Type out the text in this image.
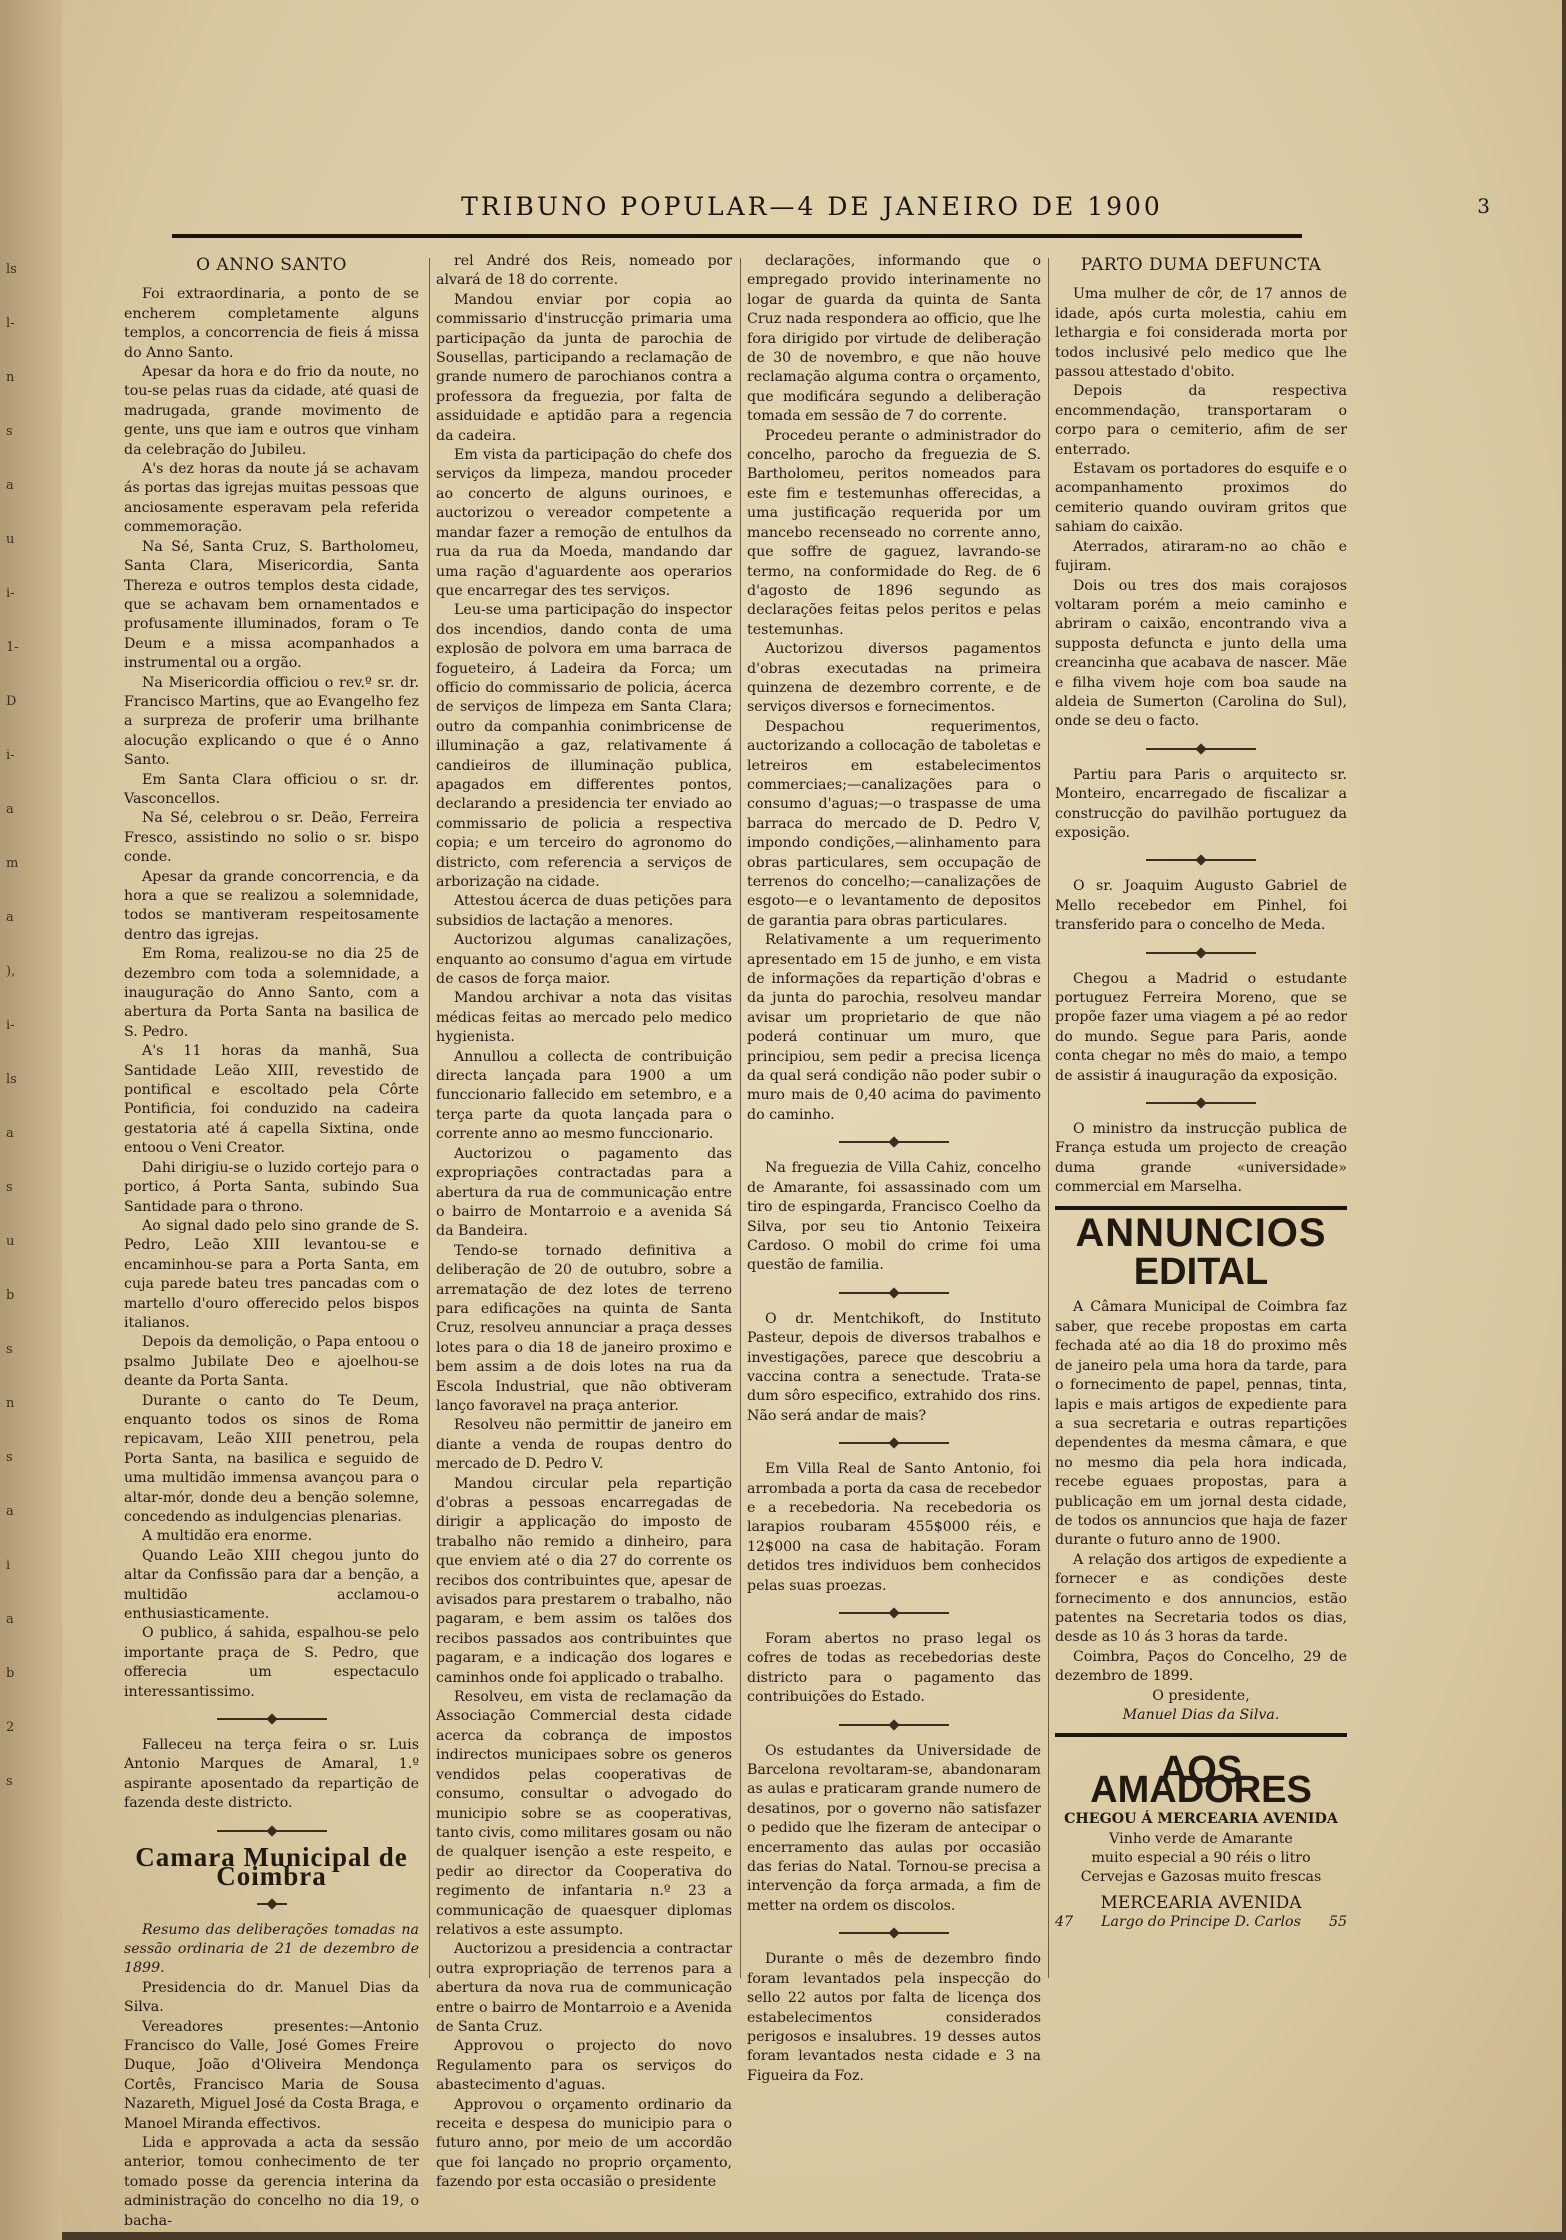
ls
l-
n
s
a
u
i-
1-
D
i-
a
m
a
),
i-
ls
a
s
u
b
s
n
s
a
i
a
b
2
s
TRIBUNO POPULAR—4 DE JANEIRO DE 1900	3

O ANNO SANTO

Foi extraordinaria, a ponto de se encherem completamente alguns templos, a concorrencia de fieis á missa do Anno Santo.

Apesar da hora e do frio da noute, no tou-se pelas ruas da cidade, até quasi de madrugada, grande movimento de gente, uns que iam e outros que vinham da celebração do Jubileu.

A's dez horas da noute já se achavam ás portas das igrejas muitas pessoas que anciosamente esperavam pela referida commemoração.

Na Sé, Santa Cruz, S. Bartholomeu, Santa Clara, Misericordia, Santa Thereza e outros templos desta cidade, que se achavam bem ornamentados e profusamente illuminados, foram o Te Deum e a missa acompanhados a instrumental ou a orgão.

Na Misericordia officiou o rev.º sr. dr. Francisco Martins, que ao Evangelho fez a surpreza de proferir uma brilhante alocução explicando o que é o Anno Santo.

Em Santa Clara officiou o sr. dr. Vasconcellos.

Na Sé, celebrou o sr. Deão, Ferreira Fresco, assistindo no solio o sr. bispo conde.

Apesar da grande concorrencia, e da hora a que se realizou a solemnidade, todos se mantiveram respeitosamente dentro das igrejas.

Em Roma, realizou-se no dia 25 de dezembro com toda a solemnidade, a inauguração do Anno Santo, com a abertura da Porta Santa na basilica de S. Pedro.

A's 11 horas da manhã, Sua Santidade Leão XIII, revestido de pontifical e escoltado pela Côrte Pontificia, foi conduzido na cadeira gestatoria até á capella Sixtina, onde entoou o Veni Creator.

Dahi dirigiu-se o luzido cortejo para o portico, á Porta Santa, subindo Sua Santidade para o throno.

Ao signal dado pelo sino grande de S. Pedro, Leão XIII levantou-se e encaminhou-se para a Porta Santa, em cuja parede bateu tres pancadas com o martello d'ouro offerecido pelos bispos italianos.

Depois da demolição, o Papa entoou o psalmo Jubilate Deo e ajoelhou-se deante da Porta Santa.

Durante o canto do Te Deum, enquanto todos os sinos de Roma repicavam, Leão XIII penetrou, pela Porta Santa, na basilica e seguido de uma multidão immensa avançou para o altar-mór, donde deu a benção solemne, concedendo as indulgencias plenarias.

A multidão era enorme.

Quando Leão XIII chegou junto do altar da Confissão para dar a benção, a multidão acclamou-o enthusiasticamente.

O publico, á sahida, espalhou-se pelo importante praça de S. Pedro, que offerecia um espectaculo interessantissimo.

Falleceu na terça feira o sr. Luis Antonio Marques de Amaral, 1.º aspirante aposentado da repartição de fazenda deste districto.

Camara Municipal de Coimbra

Resumo das deliberações tomadas na sessão ordinaria de 21 de dezembro de 1899.

Presidencia do dr. Manuel Dias da Silva.

Vereadores presentes:—Antonio Francisco do Valle, José Gomes Freire Duque, João d'Oliveira Mendonça Cortês, Francisco Maria de Sousa Nazareth, Miguel José da Costa Braga, e Manoel Miranda effectivos.

Lida e approvada a acta da sessão anterior, tomou conhecimento de ter tomado posse da gerencia interina da administração do concelho no dia 19, o bacha-

rel André dos Reis, nomeado por alvará de 18 do corrente.

Mandou enviar por copia ao commissario d'instrucção primaria uma participação da junta de parochia de Sousellas, participando a reclamação de grande numero de parochianos contra a professora da freguezia, por falta de assiduidade e aptidão para a regencia da cadeira.

Em vista da participação do chefe dos serviços da limpeza, mandou proceder ao concerto de alguns ourinoes, e auctorizou o vereador competente a mandar fazer a remoção de entulhos da rua da rua da Moeda, mandando dar uma ração d'aguardente aos operarios que encarregar des tes serviços.

Leu-se uma participação do inspector dos incendios, dando conta de uma explosão de polvora em uma barraca de fogueteiro, á Ladeira da Forca; um officio do commissario de policia, ácerca de serviços de limpeza em Santa Clara; outro da companhia conimbricense de illuminação a gaz, relativamente á candieiros de illuminação publica, apagados em differentes pontos, declarando a presidencia ter enviado ao commissario de policia a respectiva copia; e um terceiro do agronomo do districto, com referencia a serviços de arborização na cidade.

Attestou ácerca de duas petições para subsidios de lactação a menores.

Auctorizou algumas canalizações, enquanto ao consumo d'agua em virtude de casos de força maior.

Mandou archivar a nota das visitas médicas feitas ao mercado pelo medico hygienista.

Annullou a collecta de contribuição directa lançada para 1900 a um funccionario fallecido em setembro, e a terça parte da quota lançada para o corrente anno ao mesmo funccionario.

Auctorizou o pagamento das expropriações contractadas para a abertura da rua de communicação entre o bairro de Montarroio e a avenida Sá da Bandeira.

Tendo-se tornado definitiva a deliberação de 20 de outubro, sobre a arrematação de dez lotes de terreno para edificações na quinta de Santa Cruz, resolveu annunciar a praça desses lotes para o dia 18 de janeiro proximo e bem assim a de dois lotes na rua da Escola Industrial, que não obtiveram lanço favoravel na praça anterior.

Resolveu não permittir de janeiro em diante a venda de roupas dentro do mercado de D. Pedro V.

Mandou circular pela repartição d'obras a pessoas encarregadas de dirigir a applicação do imposto de trabalho não remido a dinheiro, para que enviem até o dia 27 do corrente os recibos dos contribuintes que, apesar de avisados para prestarem o trabalho, não pagaram, e bem assim os talões dos recibos passados aos contribuintes que pagaram, e a indicação dos logares e caminhos onde foi applicado o trabalho.

Resolveu, em vista de reclamação da Associação Commercial desta cidade acerca da cobrança de impostos indirectos municipaes sobre os generos vendidos pelas cooperativas de consumo, consultar o advogado do municipio sobre se as cooperativas, tanto civis, como militares gosam ou não de qualquer isenção a este respeito, e pedir ao director da Cooperativa do regimento de infantaria n.º 23 a communicação de quaesquer diplomas relativos a este assumpto.

Auctorizou a presidencia a contractar outra expropriação de terrenos para a abertura da nova rua de communicação entre o bairro de Montarroio e a Avenida de Santa Cruz.

Approvou o projecto do novo Regulamento para os serviços do abastecimento d'aguas.

Approvou o orçamento ordinario da receita e despesa do municipio para o futuro anno, por meio de um accordão que foi lançado no proprio orçamento, fazendo por esta occasião o presidente

declarações, informando que o empregado provido interinamente no logar de guarda da quinta de Santa Cruz nada respondera ao officio, que lhe fora dirigido por virtude de deliberação de 30 de novembro, e que não houve reclamação alguma contra o orçamento, que modificára segundo a deliberação tomada em sessão de 7 do corrente.

Procedeu perante o administrador do concelho, parocho da freguezia de S. Bartholomeu, peritos nomeados para este fim e testemunhas offerecidas, a uma justificação requerida por um mancebo recenseado no corrente anno, que soffre de gaguez, lavrando-se termo, na conformidade do Reg. de 6 d'agosto de 1896 segundo as declarações feitas pelos peritos e pelas testemunhas.

Auctorizou diversos pagamentos d'obras executadas na primeira quinzena de dezembro corrente, e de serviços diversos e fornecimentos.

Despachou requerimentos, auctorizando a collocação de taboletas e letreiros em estabelecimentos commerciaes;—canalizações para o consumo d'aguas;—o traspasse de uma barraca do mercado de D. Pedro V, impondo condições,—alinhamento para obras particulares, sem occupação de terrenos do concelho;—canalizações de esgoto—e o levantamento de depositos de garantia para obras particulares.

Relativamente a um requerimento apresentado em 15 de junho, e em vista de informações da repartição d'obras e da junta do parochia, resolveu mandar avisar um proprietario de que não poderá continuar um muro, que principiou, sem pedir a precisa licença da qual será condição não poder subir o muro mais de 0,40 acima do pavimento do caminho.

Na freguezia de Villa Cahiz, concelho de Amarante, foi assassinado com um tiro de espingarda, Francisco Coelho da Silva, por seu tio Antonio Teixeira Cardoso. O mobil do crime foi uma questão de familia.

O dr. Mentchikoft, do Instituto Pasteur, depois de diversos trabalhos e investigações, parece que descobriu a vaccina contra a senectude. Trata-se dum sôro especifico, extrahido dos rins. Não será andar de mais?

Em Villa Real de Santo Antonio, foi arrombada a porta da casa de recebedor e a recebedoria. Na recebedoria os larapios roubaram 455$000 réis, e 12$000 na casa de habitação. Foram detidos tres individuos bem conhecidos pelas suas proezas.

Foram abertos no praso legal os cofres de todas as recebedorias deste districto para o pagamento das contribuições do Estado.

Os estudantes da Universidade de Barcelona revoltaram-se, abandonaram as aulas e praticaram grande numero de desatinos, por o governo não satisfazer o pedido que lhe fizeram de antecipar o encerramento das aulas por occasião das ferias do Natal. Tornou-se precisa a intervenção da força armada, a fim de metter na ordem os discolos.

Durante o mês de dezembro findo foram levantados pela inspecção do sello 22 autos por falta de licença dos estabelecimentos considerados perigosos e insalubres. 19 desses autos foram levantados nesta cidade e 3 na Figueira da Foz.

PARTO DUMA DEFUNCTA

Uma mulher de côr, de 17 annos de idade, após curta molestia, cahiu em lethargia e foi considerada morta por todos inclusivé pelo medico que lhe passou attestado d'obito.

Depois da respectiva encommendação, transportaram o corpo para o cemiterio, afim de ser enterrado.

Estavam os portadores do esquife e o acompanhamento proximos do cemiterio quando ouviram gritos que sahiam do caixão.

Aterrados, atiraram-no ao chão e fujiram.

Dois ou tres dos mais corajosos voltaram porém a meio caminho e abriram o caixão, encontrando viva a supposta defuncta e junto della uma creancinha que acabava de nascer. Mãe e filha vivem hoje com boa saude na aldeia de Sumerton (Carolina do Sul), onde se deu o facto.

Partiu para Paris o arquitecto sr. Monteiro, encarregado de fiscalizar a construcção do pavilhão portuguez da exposição.

O sr. Joaquim Augusto Gabriel de Mello recebedor em Pinhel, foi transferido para o concelho de Meda.

Chegou a Madrid o estudante portuguez Ferreira Moreno, que se propõe fazer uma viagem a pé ao redor do mundo. Segue para Paris, aonde conta chegar no mês do maio, a tempo de assistir á inauguração da exposição.

O ministro da instrucção publica de França estuda um projecto de creação duma grande «universidade» commercial em Marselha.

ANNUNCIOS
EDITAL

A Câmara Municipal de Coimbra faz saber, que recebe propostas em carta fechada até ao dia 18 do proximo mês de janeiro pela uma hora da tarde, para o fornecimento de papel, pennas, tinta, lapis e mais artigos de expediente para a sua secretaria e outras repartições dependentes da mesma câmara, e que no mesmo dia pela hora indicada, recebe eguaes propostas, para a publicação em um jornal desta cidade, de todos os annuncios que haja de fazer durante o futuro anno de 1900.

A relação dos artigos de expediente a fornecer e as condições deste fornecimento e dos annuncios, estão patentes na Secretaria todos os dias, desde as 10 ás 3 horas da tarde.

Coimbra, Paços do Concelho, 29 de dezembro de 1899.

O presidente,

Manuel Dias da Silva.

AOS AMADORES

CHEGOU Á MERCEARIA AVENIDA

Vinho verde de Amarante

muito especial a 90 réis o litro

Cervejas e Gazosas muito frescas

MERCEARIA AVENIDA

47 Largo do Principe D. Carlos 55
